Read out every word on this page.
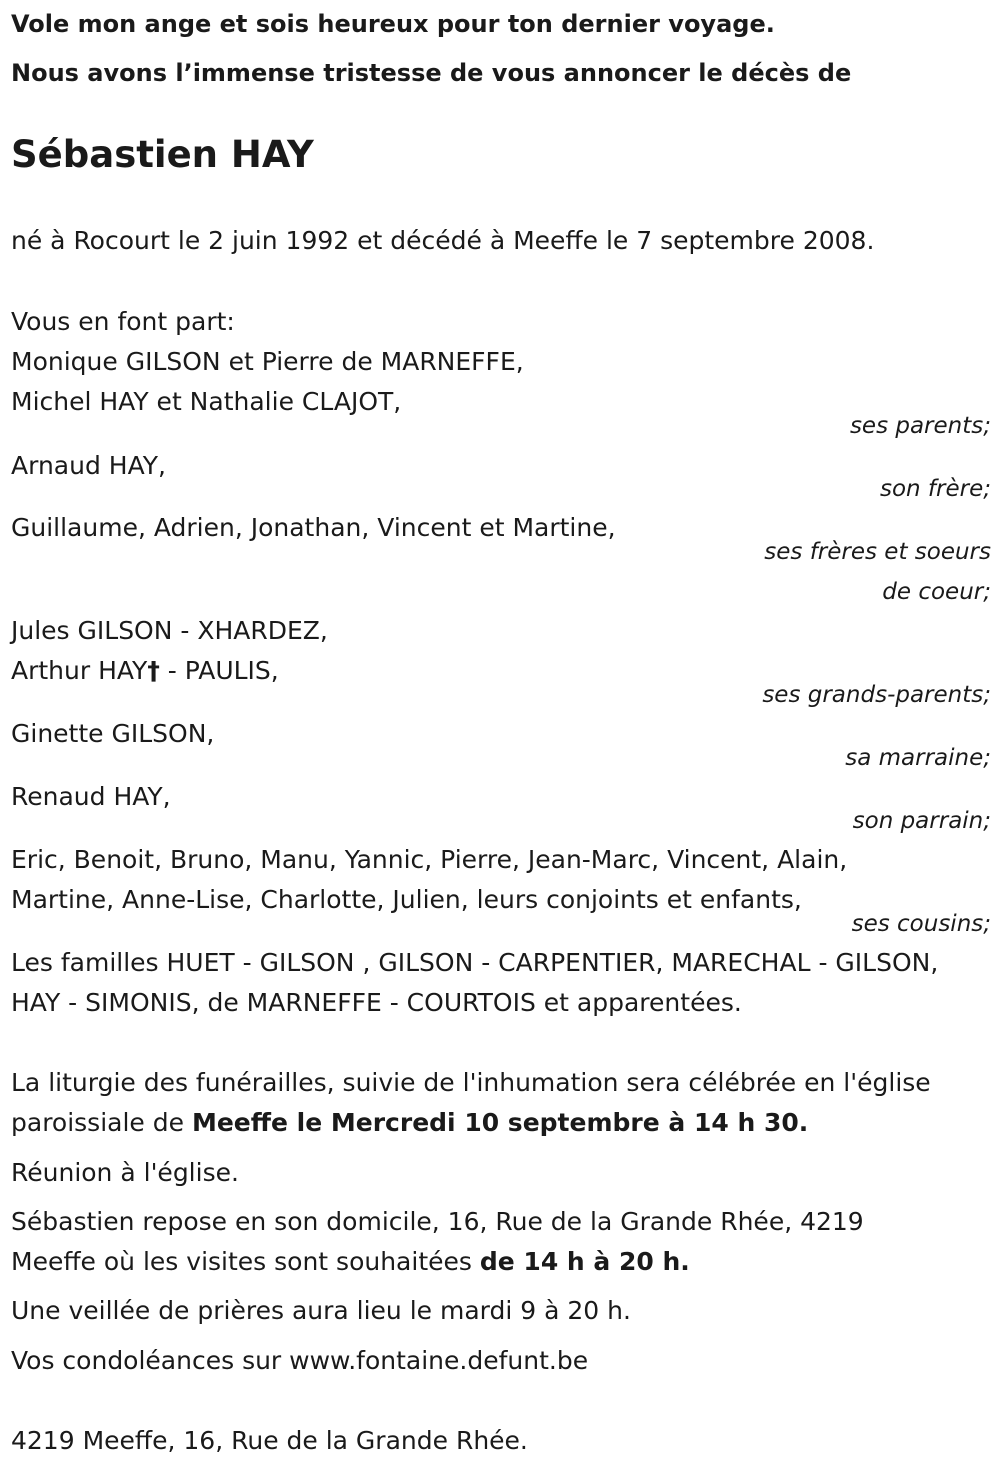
Vole mon ange et sois heureux pour ton dernier voyage.
Nous avons l’immense tristesse de vous annoncer le décès de
Sébastien HAY
né à Rocourt le 2 juin 1992 et décédé à Meeffe le 7 septembre 2008.
Vous en font part:
Monique GILSON et Pierre de MARNEFFE,
Michel HAY et Nathalie CLAJOT,
ses parents;
Arnaud HAY,
son frère;
Guillaume, Adrien, Jonathan, Vincent et Martine,
ses frères et soeurs
de coeur;
Jules GILSON - XHARDEZ,
Arthur HAY† - PAULIS,
ses grands-parents;
Ginette GILSON,
sa marraine;
Renaud HAY,
son parrain;
Eric, Benoit, Bruno, Manu, Yannic, Pierre, Jean-Marc, Vincent, Alain,
Martine, Anne-Lise, Charlotte, Julien, leurs conjoints et enfants,
ses cousins;
Les familles HUET - GILSON , GILSON - CARPENTIER, MARECHAL - GILSON,
HAY - SIMONIS, de MARNEFFE - COURTOIS et apparentées.
La liturgie des funérailles, suivie de l'inhumation sera célébrée en l'église
paroissiale de Meeffe le Mercredi 10 septembre à 14 h 30.
Réunion à l'église.
Sébastien repose en son domicile, 16, Rue de la Grande Rhée, 4219
Meeffe où les visites sont souhaitées de 14 h à 20 h.
Une veillée de prières aura lieu le mardi 9 à 20 h.
Vos condoléances sur www.fontaine.defunt.be
4219 Meeffe, 16, Rue de la Grande Rhée.
